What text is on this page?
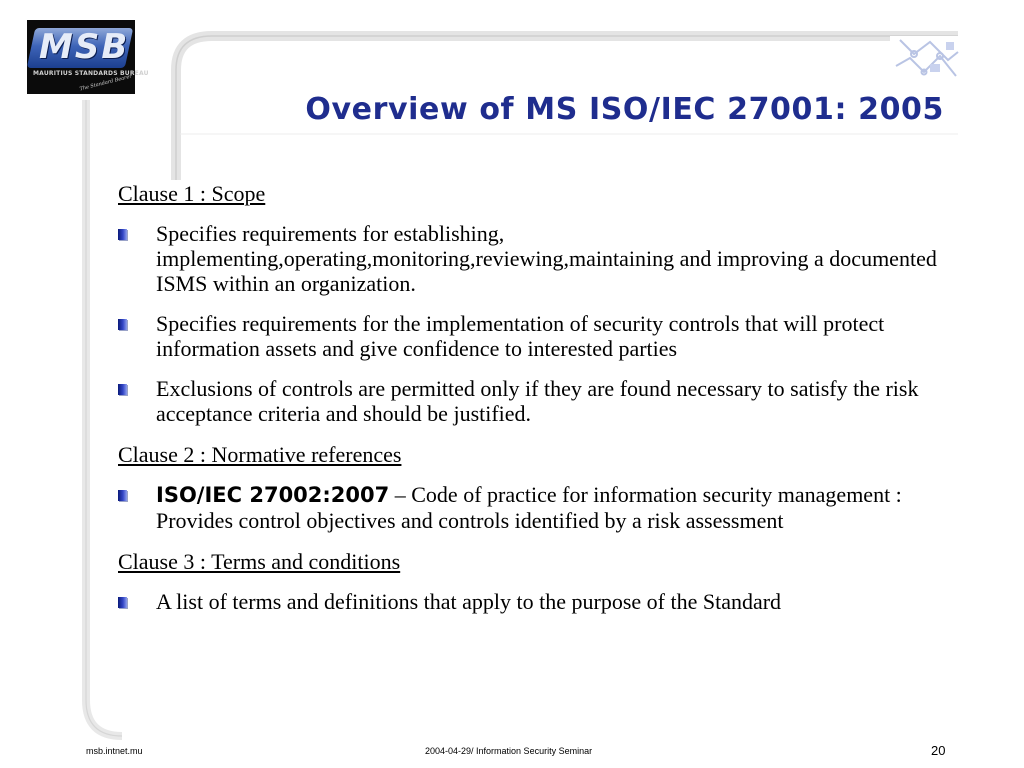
MSB
MAURITIUS STANDARDS BUREAU
The Standard Bearer
Overview of MS ISO/IEC 27001: 2005
Clause 1 : Scope
Specifies requirements for establishing, implementing,operating,monitoring,reviewing,maintaining and improving a documented ISMS within an organization.
Specifies requirements for the implementation of security controls that will protect information assets and give confidence to interested parties
Exclusions of controls are permitted only if they are found necessary to satisfy the risk acceptance criteria and should be justified.
Clause 2 : Normative references
ISO/IEC 27002:2007 – Code of practice for information security management : Provides control objectives and controls identified by a risk assessment
Clause 3 : Terms and conditions
A list of terms and definitions that apply to the purpose of the Standard
msb.intnet.mu	2004-04-29/ Information Security Seminar	20
